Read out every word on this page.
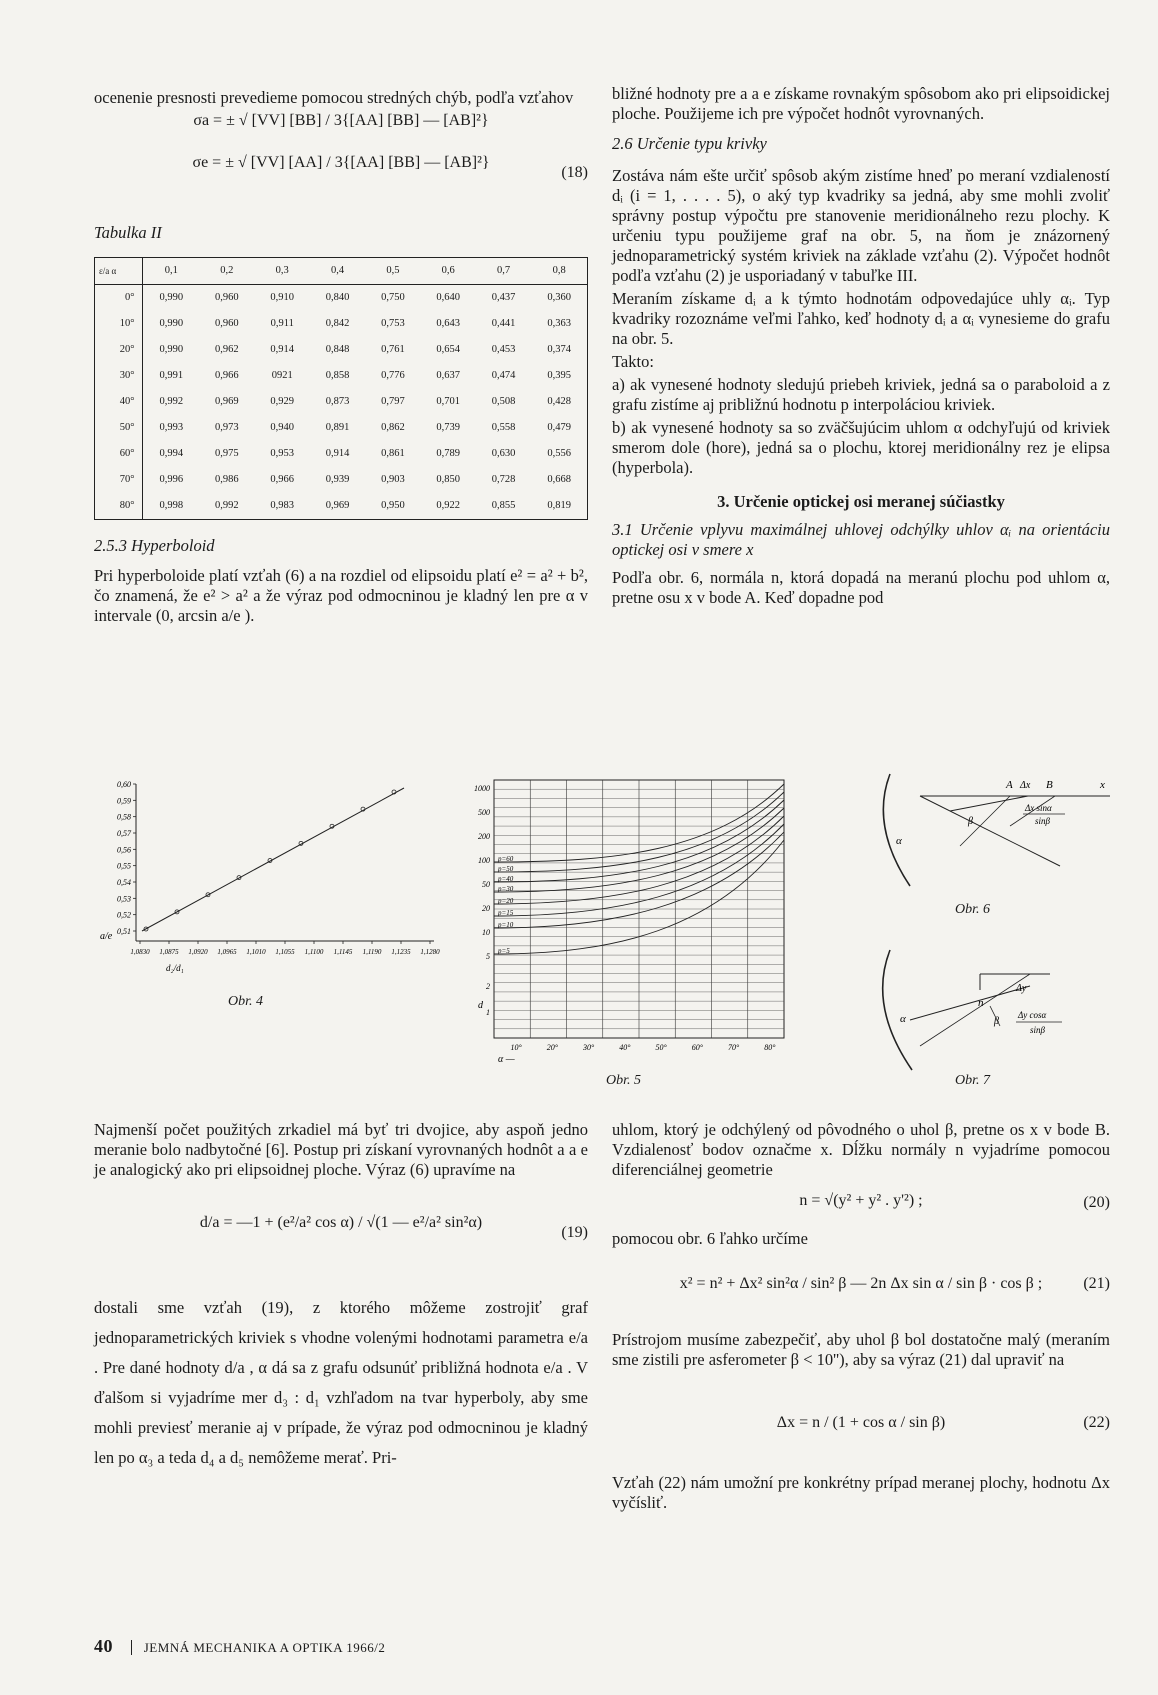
ocenenie presnosti prevedieme pomocou stredných chýb, podľa vzťahov

σa = ± √ [VV] [BB] / 3{[AA] [BB] — [AB]²}
σe = ± √ [VV] [AA] / 3{[AA] [BB] — [AB]²}
(18)
Tabulka II
ε/a α	0,1	0,2	0,3	0,4	0,5	0,6	0,7	0,8
0°	0,990	0,960	0,910	0,840	0,750	0,640	0,437	0,360
10°	0,990	0,960	0,911	0,842	0,753	0,643	0,441	0,363
20°	0,990	0,962	0,914	0,848	0,761	0,654	0,453	0,374
30°	0,991	0,966	0921	0,858	0,776	0,637	0,474	0,395
40°	0,992	0,969	0,929	0,873	0,797	0,701	0,508	0,428
50°	0,993	0,973	0,940	0,891	0,862	0,739	0,558	0,479
60°	0,994	0,975	0,953	0,914	0,861	0,789	0,630	0,556
70°	0,996	0,986	0,966	0,939	0,903	0,850	0,728	0,668
80°	0,998	0,992	0,983	0,969	0,950	0,922	0,855	0,819
2.5.3 Hyperboloid

Pri hyperboloide platí vzťah (6) a na rozdiel od elipsoidu platí e² = a² + b², čo znamená, že e² > a² a že výraz pod odmocninou je kladný len pre α v intervale (0, arcsin a/e ).

0,60
0,59
0,58
0,57
0,56
0,55
0,54
0,53
0,52
0,51
1,0830 1,0875 1,0920 1,0965 1,1010 1,1055 1,1100 1,1145 1,1190 1,1235 1,1280
a/e
d₂/d₁
Obr. 4
1000
500
200
100
50
20
10
5
2
1
10°	20°	30°	40°	50°	60°	70°	80°
p=60
p=50
p=40
p=30
p=20
p=15
p=10
p=5
d
α —
Obr. 5

Najmenší počet použitých zrkadiel má byť tri dvojice, aby aspoň jedno meranie bolo nadbytočné [6]. Postup pri získaní vyrovnaných hodnôt a a e je analogický ako pri elipsoidnej ploche. Výraz (6) upravíme na

d/a = —1 + (e²/a² cos α) / √(1 — e²/a² sin²α)
(19)

dostali sme vzťah (19), z ktorého môžeme zostrojiť graf jednoparametrických kriviek s vhodne volenými hodnotami parametra e/a . Pre dané hodnoty d/a , α dá sa z grafu odsunúť približná hodnota e/a . V ďalšom si vyjadríme mer d₃ : d₁ vzhľadom na tvar hyperboly, aby sme mohli previesť meranie aj v prípade, že výraz pod odmocninou je kladný len po α₃ a teda d₄ a d₅ nemôžeme merať. Pri-

bližné hodnoty pre a a e získame rovnakým spôsobom ako pri elipsoidickej ploche. Použijeme ich pre výpočet hodnôt vyrovnaných.

2.6 Určenie typu krivky

Zostáva nám ešte určiť spôsob akým zistíme hneď po meraní vzdialeností dᵢ (i = 1, . . . . 5), o aký typ kvadriky sa jedná, aby sme mohli zvoliť správny postup výpočtu pre stanovenie meridionálneho rezu plochy. K určeniu typu použijeme graf na obr. 5, na ňom je znázornený jednoparametrický systém kriviek na základe vzťahu (2). Výpočet hodnôt podľa vzťahu (2) je usporiadaný v tabuľke III.

Meraním získame dᵢ a k týmto hodnotám odpovedajúce uhly αᵢ. Typ kvadriky rozoznáme veľmi ľahko, keď hodnoty dᵢ a αᵢ vynesieme do grafu na obr. 5.

Takto:

a) ak vynesené hodnoty sledujú priebeh kriviek, jedná sa o paraboloid a z grafu zistíme aj približnú hodnotu p interpoláciou kriviek.

b) ak vynesené hodnoty sa so zväčšujúcim uhlom α odchyľujú od kriviek smerom dole (hore), jedná sa o plochu, ktorej meridionálny rez je elipsa (hyperbola).

3. Určenie optickej osi meranej súčiastky

3.1 Určenie vplyvu maximálnej uhlovej odchýlky uhlov αᵢ na orientáciu optickej osi v smere x

Podľa obr. 6, normála n, ktorá dopadá na meranú plochu pod uhlom α, pretne osu x v bode A. Keď dopadne pod

A Δx B	x
Δx sinα
sinβ
β
α
Obr. 6
Δy
n
β
α	Δy cosα
sinβ
Obr. 7

uhlom, ktorý je odchýlený od pôvodného o uhol β, pretne os x v bode B. Vzdialenosť bodov označme x. Dĺžku normály n vyjadríme pomocou diferenciálnej geometrie

n = √(y² + y² . y'²) ;	(20)

pomocou obr. 6 ľahko určíme

x² = n² + Δx² sin²α / sin² β — 2n Δx sin α / sin β · cos β ;	(21)

Prístrojom musíme zabezpečiť, aby uhol β bol dostatočne malý (meraním sme zistili pre asferometer β < 10''), aby sa výraz (21) dal upraviť na

Δx = n / (1 + cos α / sin β)	(22)

Vzťah (22) nám umožní pre konkrétny prípad meranej plochy, hodnotu Δx vyčísliť.

40 JEMNÁ MECHANIKA A OPTIKA 1966/2
